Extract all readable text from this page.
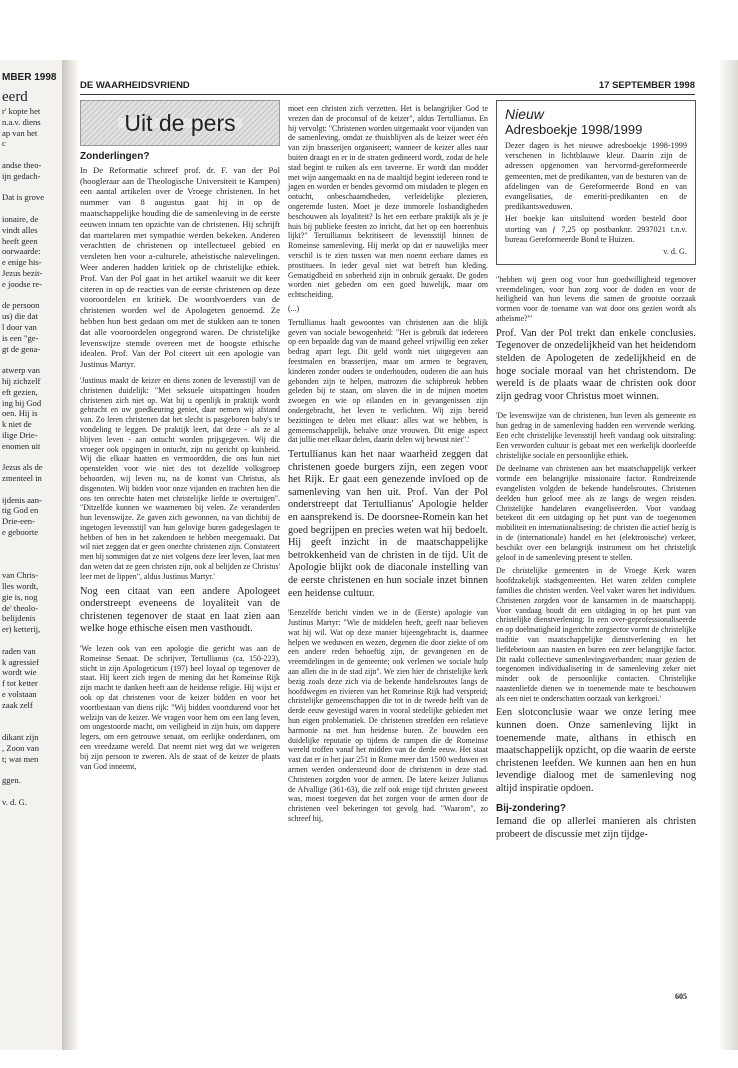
MBER 1998
eerd
r' kopte het
n.a.v. diens
ap van het
c

andse theo-
ijn gedach-

Dat is grove

ionaire, de
vindt alles
heeft geen
oorwaarde:
e enige his-
Jezus bezit-
e joodse re-

de persoon
us) die dat
l door van
is een "ge-
gt de gena-

atwerp van
hij zichzelf
eft gezien,
ing bij God
oen. Hij is
k niet de
ilige Drie-
enomen uit

Jezus als de
zmenteel in

ijdenis aan-
tig God en
Drie-een-
e geboorte

van Chris-
lles wordt,
gie is, nog
de' theolo-
belijdenis
er) ketterij,

raden van
k agressief
wordt wie
f tot ketter
e volstaan
zaak zelf

dikant zijn
, Zoon van
t; wat men

ggen.

v. d. G.
DE WAARHEIDSVRIEND	17 SEPTEMBER 1998
Uit de pers
Zonderlingen?

In De Reformatie schreef prof. dr. F. van der Pol (hoogleraar aan de Theologische Universiteit te Kampen) een aantal artikelen over de Vroege christenen. In het nummer van 8 augustus gaat hij in op de maatschappelijke houding die de samenleving in de eerste eeuwen innam ten opzichte van de christenen. Hij schrijft dat martelaren met sympathie werden bekeken. Anderen verachtten de christenen op intellectueel gebied en versleten hen voor a-culturele, atheïstische naïevelingen. Weer anderen hadden kritiek op de christelijke ethiek. Prof. Van der Pol gaat in het artikel waaruit we dit keer citeren in op de reacties van de eerste christenen op deze vooroordelen en kritiek. De woordvoerders van de christenen worden wel de Apologeten genoemd. Ze hebben hun best gedaan om met de stukken aan te tonen dat alle vooroordelen ongegrond waren. De christelijke levenswijze stemde overeen met de hoogste ethische idealen. Prof. Van der Pol citeert uit een apologie van Justinus Martyr.

'Justinus maakt de keizer en diens zonen de levensstijl van de christenen duidelijk: "Met seksuele uitspattingen houden christenen zich niet op. Wat bij u openlijk in praktijk wordt gebracht en uw goedkeuring geniet, daar nemen wij afstand van. Zo leren christenen dat het slecht is pasgeboren baby's te vondeling te leggen. De praktijk leert, dat deze - als ze al blijven leven - aan ontucht worden prijsgegeven. Wij die vroeger ook opgingen in ontucht, zijn nu gericht op kuisheid. Wij die elkaar haatten en vermoordden, die ons hun niet openstelden voor wie niet des tot dezelfde volksgroep behoorden, wij leven nu, na de komst van Christus, als disgenoten. Wij bidden voor onze vijanden en trachten hen die ons ten onrechte haten met christelijke liefde te overtuigen". "Ditzelfde kunnen we waarnemen bij velen. Ze veranderden hun levenswijze. Ze gaven zich gewonnen, na van dichtbij de ingetogen levensstijl van hun gelovige buren gadegeslagen te hebben of hen in het zakendoen te hebben meegemaakt. Dat wil niet zeggen dat er geen onechte christenen zijn. Constateert men bij sommigen dat ze niet volgens deze leer leven, laat men dan weten dat ze geen christen zijn, ook al belijden ze Christus' leer met de lippen", aldus Justinus Martyr.'

Nog een citaat van een andere Apologeet onderstreept eveneens de loyaliteit van de christenen tegenover de staat en laat zien aan welke hoge ethische eisen men vasthoudt.

'We lezen ook van een apologie die gericht was aan de Romeinse Senaat. De schrijver, Tertullianus (ca. 150-223), sticht in zijn Apologeticum (197) heel loyaal op tegenover de staat. Hij keert zich tegen de mening dat het Romeinse Rijk zijn macht te danken heeft aan de heidense religie. Hij wijst er ook op dat christenen voor de keizer bidden en voor het voortbestaan van diens rijk: "Wij bidden voortdurend voor het welzijn van de keizer. We vragen voor hem om een lang leven, om ongestoorde macht, om veiligheid in zijn huis, om dappere legers, om een getrouwe senaat, om eerlijke onderdanen, om een vreedzame wereld. Dat neemt niet weg dat we weigeren bij zijn persoon te zweren. Als de staat of de keizer de plaats van God inneemt,

moet een christen zich verzetten. Het is belangrijker God te vrezen dan de proconsul of de keizer", aldus Tertullianus. En hij vervolgt: "Christenen worden uitgemaakt voor vijanden van de samenleving, omdat ze thuisblijven als de keizer weer één van zijn brasserijen organiseert; wanneer de keizer alles naar buiten draagt en er in de straten gedineerd wordt, zodat de hele stad begint te ruiken als een taveerne. Er wordt dan modder met wijn aangemaakt en na de maaltijd begint iedereen rond te jagen en worden er bendes gevormd om misdaden te plegen en ontucht, onbeschaamdheden, verleidelijke plezieren, ongeremde lusten. Moet je deze immorele losbandigheden beschouwen als loyaliteit? Is het een eerbare praktijk als je je huis bij publieke feesten zo inricht, dat het op een hoerenhuis lijkt?" Tertullianus bekritiseert de levensstijl binnen de Romeinse samenleving. Hij merkt op dat er nauwelijks meer verschil is te zien tussen wat men noemt eerbare dames en prostituees. In ieder geval niet wat betreft hun kleding. Gematigdheid en soberheid zijn in onbruik geraakt. De goden worden niet gebeden om een goed huwelijk, maar om echtscheiding.

(...)

Tertullianus haalt gewoontes van christenen aan die blijk geven van sociale bewogenheid: "Het is gebruik dat iedereen op een bepaalde dag van de maand geheel vrijwillig een zeker bedrag apart legt. Dit geld wordt niet uitgegeven aan feestmalen en brasserijen, maar om armen te begraven, kinderen zonder ouders te onderhouden, ouderen die aan huis gebonden zijn te helpen, matrozen die schipbreuk hebben geleden bij te staan, om slaven die in de mijnen moeten zwoegen en wie op eilanden en in gevangenissen zijn ondergebracht, het leven te verlichten. Wij zijn bereid bezittingen te delen met elkaar: alles wat we hebben, is gemeenschappelijk, behalve onze vrouwen. Dit enige aspect dat jullie met elkaar delen, daarin delen wij bewust niet".'

Tertullianus kan het naar waarheid zeggen dat christenen goede burgers zijn, een zegen voor het Rijk. Er gaat een genezende invloed op de samenleving van hen uit. Prof. Van der Pol onderstreept dat Tertullianus' Apologie helder en aansprekend is. De doorsnee-Romein kan het goed begrijpen en precies weten wat hij bedoelt. Hij geeft inzicht in de maatschappelijke betrokkenheid van de christen in de tijd. Uit de Apologie blijkt ook de diaconale instelling van de eerste christenen en hun sociale inzet binnen een heidense cultuur.

'Eenzelfde bericht vinden we in de (Eerste) apologie van Justinus Martyr: "Wie de middelen heeft, geeft naar believen wat hij wil. Wat op deze manier bijeengebracht is, daarmee helpen we weduwen en wezen, degenen die door ziekte of om een andere reden behoeftig zijn, de gevangenen en de vreemdelingen in de gemeente; ook verlenen we sociale hulp aan allen die in de stad zijn". We zien hier de christelijke kerk bezig zoals deze zich via de bekende handelsroutes langs de hoofdwegen en rivieren van het Romeinse Rijk had verspreid; christelijke gemeenschappen die tot in de tweede helft van de derde eeuw gevestigd waren in vooral stedelijke gebieden met hun eigen problematiek. De christenen streefden een relatieve harmonie na met hun heidense buren. Ze bouwden een duidelijke reputatie op tijdens de rampen die de Romeinse wereld troffen vanaf het midden van de derde eeuw. Het staat vast dat er in het jaar 251 in Rome meer dan 1500 weduwen en armen werden ondersteund door de christenen in deze stad. Christenen zorgden voor de armen. De latere keizer Julianus de Afvallige (361-63), die zelf ook enige tijd christen geweest was, moest toegeven dat het zorgen voor de armen door de christenen veel bekeringen tot gevolg had. "Waarom", zo schreef hij,

Nieuw
Adresboekje 1998/1999

Dezer dagen is het nieuwe adresboekje 1998-1999 verschenen in lichtblauwe kleur. Daarin zijn de adressen opgenomen van hervormd-gereformeerde gemeenten, met de predikanten, van de besturen van de afdelingen van de Gereformeerde Bond en van evangelisaties, de emeriti-predikanten en de predikantsweduwen.

Het boekje kan uitsluitend worden besteld door storting van ƒ 7,25 op postbanknr. 2937021 t.n.v. bureau Gereformeerde Bond te Huizen.

v. d. G.

"hebben wij geen oog voor hun goedwilligheid tegenover vreemdelingen, voor hun zorg voor de doden en voor de heiligheid van hun levens die samen de grootste oorzaak vormen voor de toename van wat door ons gezien wordt als atheïsme?"'

Prof. Van der Pol trekt dan enkele conclusies. Tegenover de onzedelijkheid van het heidendom stelden de Apologeten de zedelijkheid en de hoge sociale moraal van het christendom. De wereld is de plaats waar de christen ook door zijn gedrag voor Christus moet winnen.

'De levenswijze van de christenen, hun leven als gemeente en hun gedrag in de samenleving hadden een wervende werking. Een echt christelijke levensstijl heeft vandaag ook uitstraling: Een verworden cultuur is gebaat met een werkelijk doorleefde christelijke sociale en persoonlijke ethiek.

De deelname van christenen aan het maatschappelijk verkeer vormde een belangrijke missionaire factor. Rondreizende evangelisten volgden de bekende handelsroutes. Christenen deelden hun geloof mee als ze langs de wegen reisden. Christelijke handelaren evangeliseerden. Voor vandaag betekent dit een uitdaging op het punt van de toegenomen mobiliteit en internationalisering: de christen die actief bezig is in de (internationale) handel en het (elektronische) verkeer, beschikt over een belangrijk instrument om het christelijk geloof in de samenleving present te stellen.

De christelijke gemeenten in de Vroege Kerk waren hoofdzakelijk stadsgemeenten. Het waren zelden complete families die christen werden. Veel vaker waren het individuen. Christenen zorgden voor de kansarmen in de maatschappij. Voor vandaag houdt dit een uitdaging in op het punt van christelijke dienstverlening: In een over-geprofessionaliseerde en op doelmatigheid ingerichte zorgsector vormt de christelijke traditie van maatschappelijke dienstverlening en het liefdebetoon aan naasten en buren een zeer belangrijke factor. Dit raakt collectieve samenlevingsverbanden; maar gezien de toegenomen individualisering in de samenleving zeker niet minder ook de persoonlijke contacten. Christelijke naastenliefde dienen we in toenemende mate te beschouwen als een niet te onderschatten oorzaak van kerkgroei.'

Een slotconclusie waar we onze lering mee kunnen doen. Onze samenleving lijkt in toenemende mate, althans in ethisch en maatschappelijk opzicht, op die waarin de eerste christenen leefden. We kunnen aan hen en hun levendige dialoog met de samenleving nog altijd inspiratie opdoen.

Bij-zondering?

Iemand die op allerlei manieren als christen probeert de discussie met zijn tijdge-

605
